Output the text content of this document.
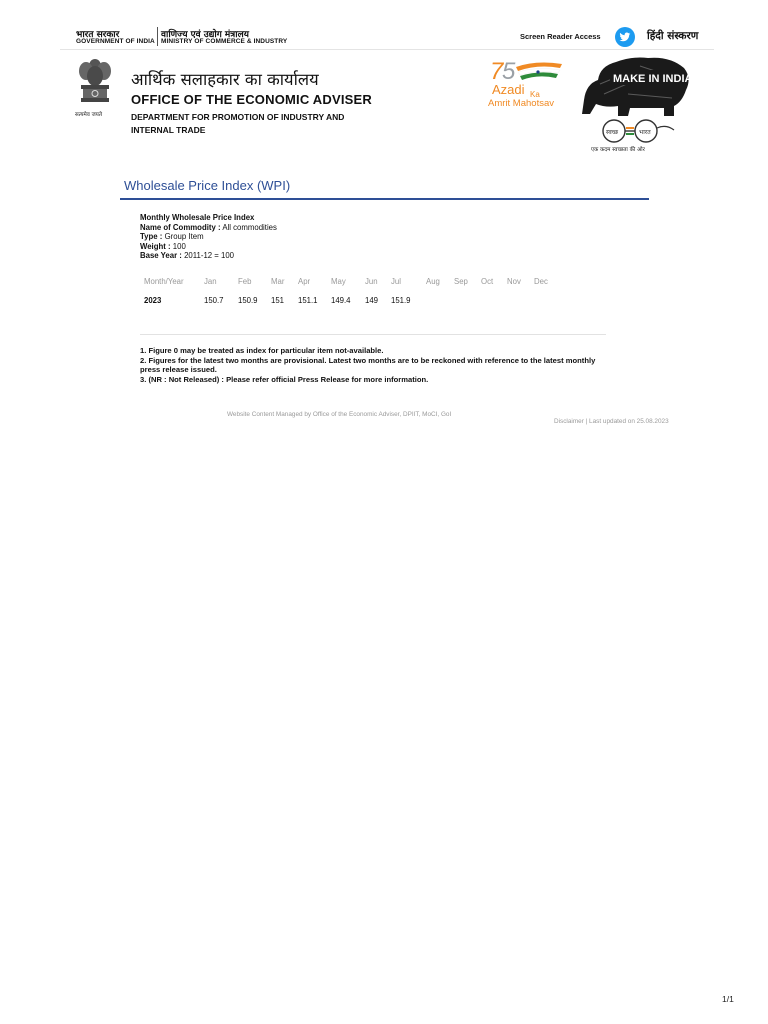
भारत सरकार
GOVERNMENT OF INDIA
वाणिज्य एवं उद्योग मंत्रालय
MINISTRY OF COMMERCE & INDUSTRY
Screen Reader Access	हिंदी संस्करण
सत्यमेव जयते
आर्थिक सलाहकार का कार्यालय
OFFICE OF THE ECONOMIC ADVISER
DEPARTMENT FOR PROMOTION OF INDUSTRY AND INTERNAL TRADE
7
5
Azadi Ka
Amrit Mahotsav
MAKE IN INDIA
स्वच्छ	भारत
एक कदम स्वच्छता की ओर
Wholesale Price Index (WPI)
Monthly Wholesale Price Index
Name of Commodity : All commodities
Type : Group Item
Weight : 100
Base Year : 2011-12 = 100
Month/Year	Jan	Feb	Mar Apr	May Jun Jul	Aug Sep Oct Nov Dec
2023	150.7 150.9 151 151.1 149.4 149 151.9
1. Figure 0 may be treated as index for particular item not-available.
2. Figures for the latest two months are provisional. Latest two months are to be reckoned with reference to the latest monthly press release issued.
3. (NR : Not Released) : Please refer official Press Release for more information.
Website Content Managed by Office of the Economic Adviser, DPIIT, MoCI, GoI
Disclaimer | Last updated on 25.08.2023
1/1
